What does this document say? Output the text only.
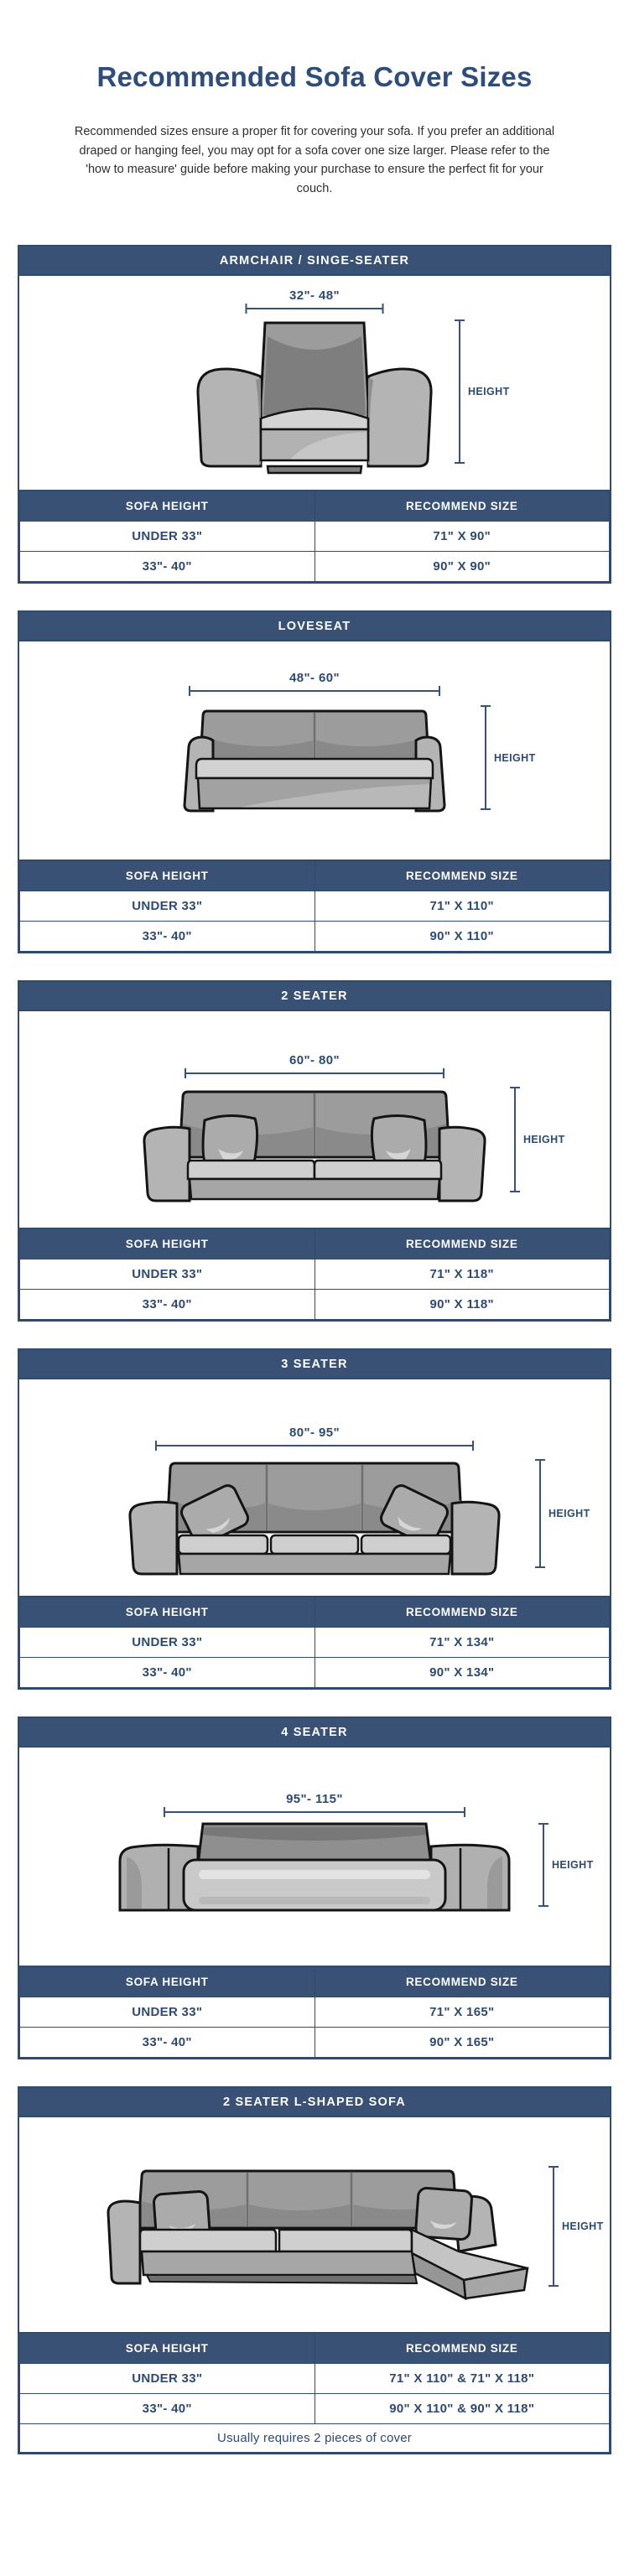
Recommended Sofa Cover Sizes

Recommended sizes ensure a proper fit for covering your sofa. If you prefer an additional draped or hanging feel, you may opt for a sofa cover one size larger. Please refer to the 'how to measure' guide before making your purchase to ensure the perfect fit for your couch.

ARMCHAIR / SINGE-SEATER
32"- 48"
HEIGHT
SOFA HEIGHT	RECOMMEND SIZE
UNDER 33"	71" X 90"
33"- 40"	90" X 90"
LOVESEAT
48"- 60"
HEIGHT
SOFA HEIGHT	RECOMMEND SIZE
UNDER 33"	71" X 110"
33"- 40"	90" X 110"
2 SEATER
60"- 80"
HEIGHT
SOFA HEIGHT	RECOMMEND SIZE
UNDER 33"	71" X 118"
33"- 40"	90" X 118"
3 SEATER
80"- 95"
HEIGHT
SOFA HEIGHT	RECOMMEND SIZE
UNDER 33"	71" X 134"
33"- 40"	90" X 134"
4 SEATER
95"- 115"
HEIGHT
SOFA HEIGHT	RECOMMEND SIZE
UNDER 33"	71" X 165"
33"- 40"	90" X 165"
2 SEATER L-SHAPED SOFA
HEIGHT
SOFA HEIGHT	RECOMMEND SIZE
UNDER 33"	71" X 110" & 71" X 118"
33"- 40"	90" X 110" & 90" X 118"
Usually requires 2 pieces of cover	
